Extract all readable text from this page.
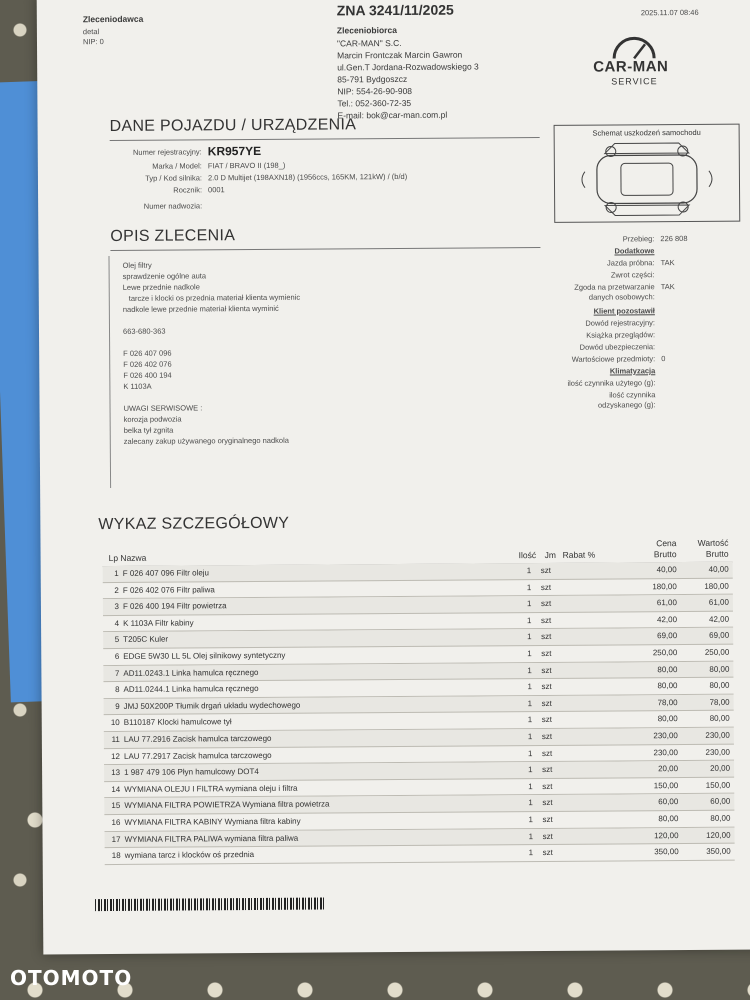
ZNA 3241/11/2025	2025.11.07 08:46
Zleceniodawca
detal
NIP: 0
Zleceniobiorca
"CAR-MAN" S.C.
Marcin Frontczak Marcin Gawron
ul.Gen.T Jordana-Rozwadowskiego 3
85-791 Bydgoszcz
NIP: 554-26-90-908
Tel.: 052-360-72-35
E-mail: bok@car-man.com.pl
CAR-MAN
SERVICE
DANE POJAZDU / URZĄDZENIA
Numer rejestracyjny: KR957YE
Marka / Model: FIAT / BRAVO II (198_)
Typ / Kod silnika: 2.0 D Multijet (198AXN18) (1956ccs, 165KM, 121kW) / (b/d)
Rocznik: 0001
Numer nadwozia:
Schemat uszkodzeń samochodu
OPIS ZLECENIA
Olej filtry
sprawdzenie ogólne auta
Lewe przednie nadkole
tarcze i klocki os przednia materiał klienta wymienic
nadkole lewe przednie materiał klienta wyminić
663-680-363
F 026 407 096
F 026 402 076
F 026 400 194
K 1103A
UWAGI SERWISOWE :
korozja podwozia
belka tył zgnita
zalecany zakup używanego oryginalnego nadkola
Przebieg: 226 808
Dodatkowe
Jazda próbna: TAK
Zwrot części:
Zgoda na przetwarzanie TAK
danych osobowych:
Klient pozostawił
Dowód rejestracyjny:
Książka przeglądów:
Dowód ubezpieczenia:
Wartościowe przedmioty: 0
Klimatyzacja
ilość czynnika użytego (g):
ilość czynnika
odzyskanego (g):
WYKAZ SZCZEGÓŁOWY
Lp Nazwa	Ilość Jm Rabat %
Cena
Brutto
Wartość
Brutto
1 F 026 407 096 Filtr oleju	1 szt	40,00	40,00
2 F 026 402 076 Filtr paliwa	1 szt	180,00	180,00
3 F 026 400 194 Filtr powietrza	1 szt	61,00	61,00
4 K 1103A Filtr kabiny	1 szt	42,00	42,00
5 T205C Kuler	1 szt	69,00	69,00
6 EDGE 5W30 LL 5L Olej silnikowy syntetyczny	1 szt	250,00	250,00
7 AD11.0243.1 Linka hamulca ręcznego	1 szt	80,00	80,00
8 AD11.0244.1 Linka hamulca ręcznego	1 szt	80,00	80,00
9 JMJ 50X200P Tłumik drgań układu wydechowego	1 szt	78,00	78,00
10 B110187 Klocki hamulcowe tył	1 szt	80,00	80,00
11 LAU 77.2916 Zacisk hamulca tarczowego	1 szt	230,00	230,00
12 LAU 77.2917 Zacisk hamulca tarczowego	1 szt	230,00	230,00
13 1 987 479 106 Płyn hamulcowy DOT4	1 szt	20,00	20,00
14 WYMIANA OLEJU I FILTRA wymiana oleju i filtra	1 szt	150,00	150,00
15 WYMIANA FILTRA POWIETRZA Wymiana filtra powietrza	1 szt	60,00	60,00
16 WYMIANA FILTRA KABINY Wymiana filtra kabiny	1 szt	80,00	80,00
17 WYMIANA FILTRA PALIWA wymiana filtra paliwa	1 szt	120,00	120,00
18 wymiana tarcz i klocków oś przednia	1 szt	350,00	350,00
OTOMOTO
